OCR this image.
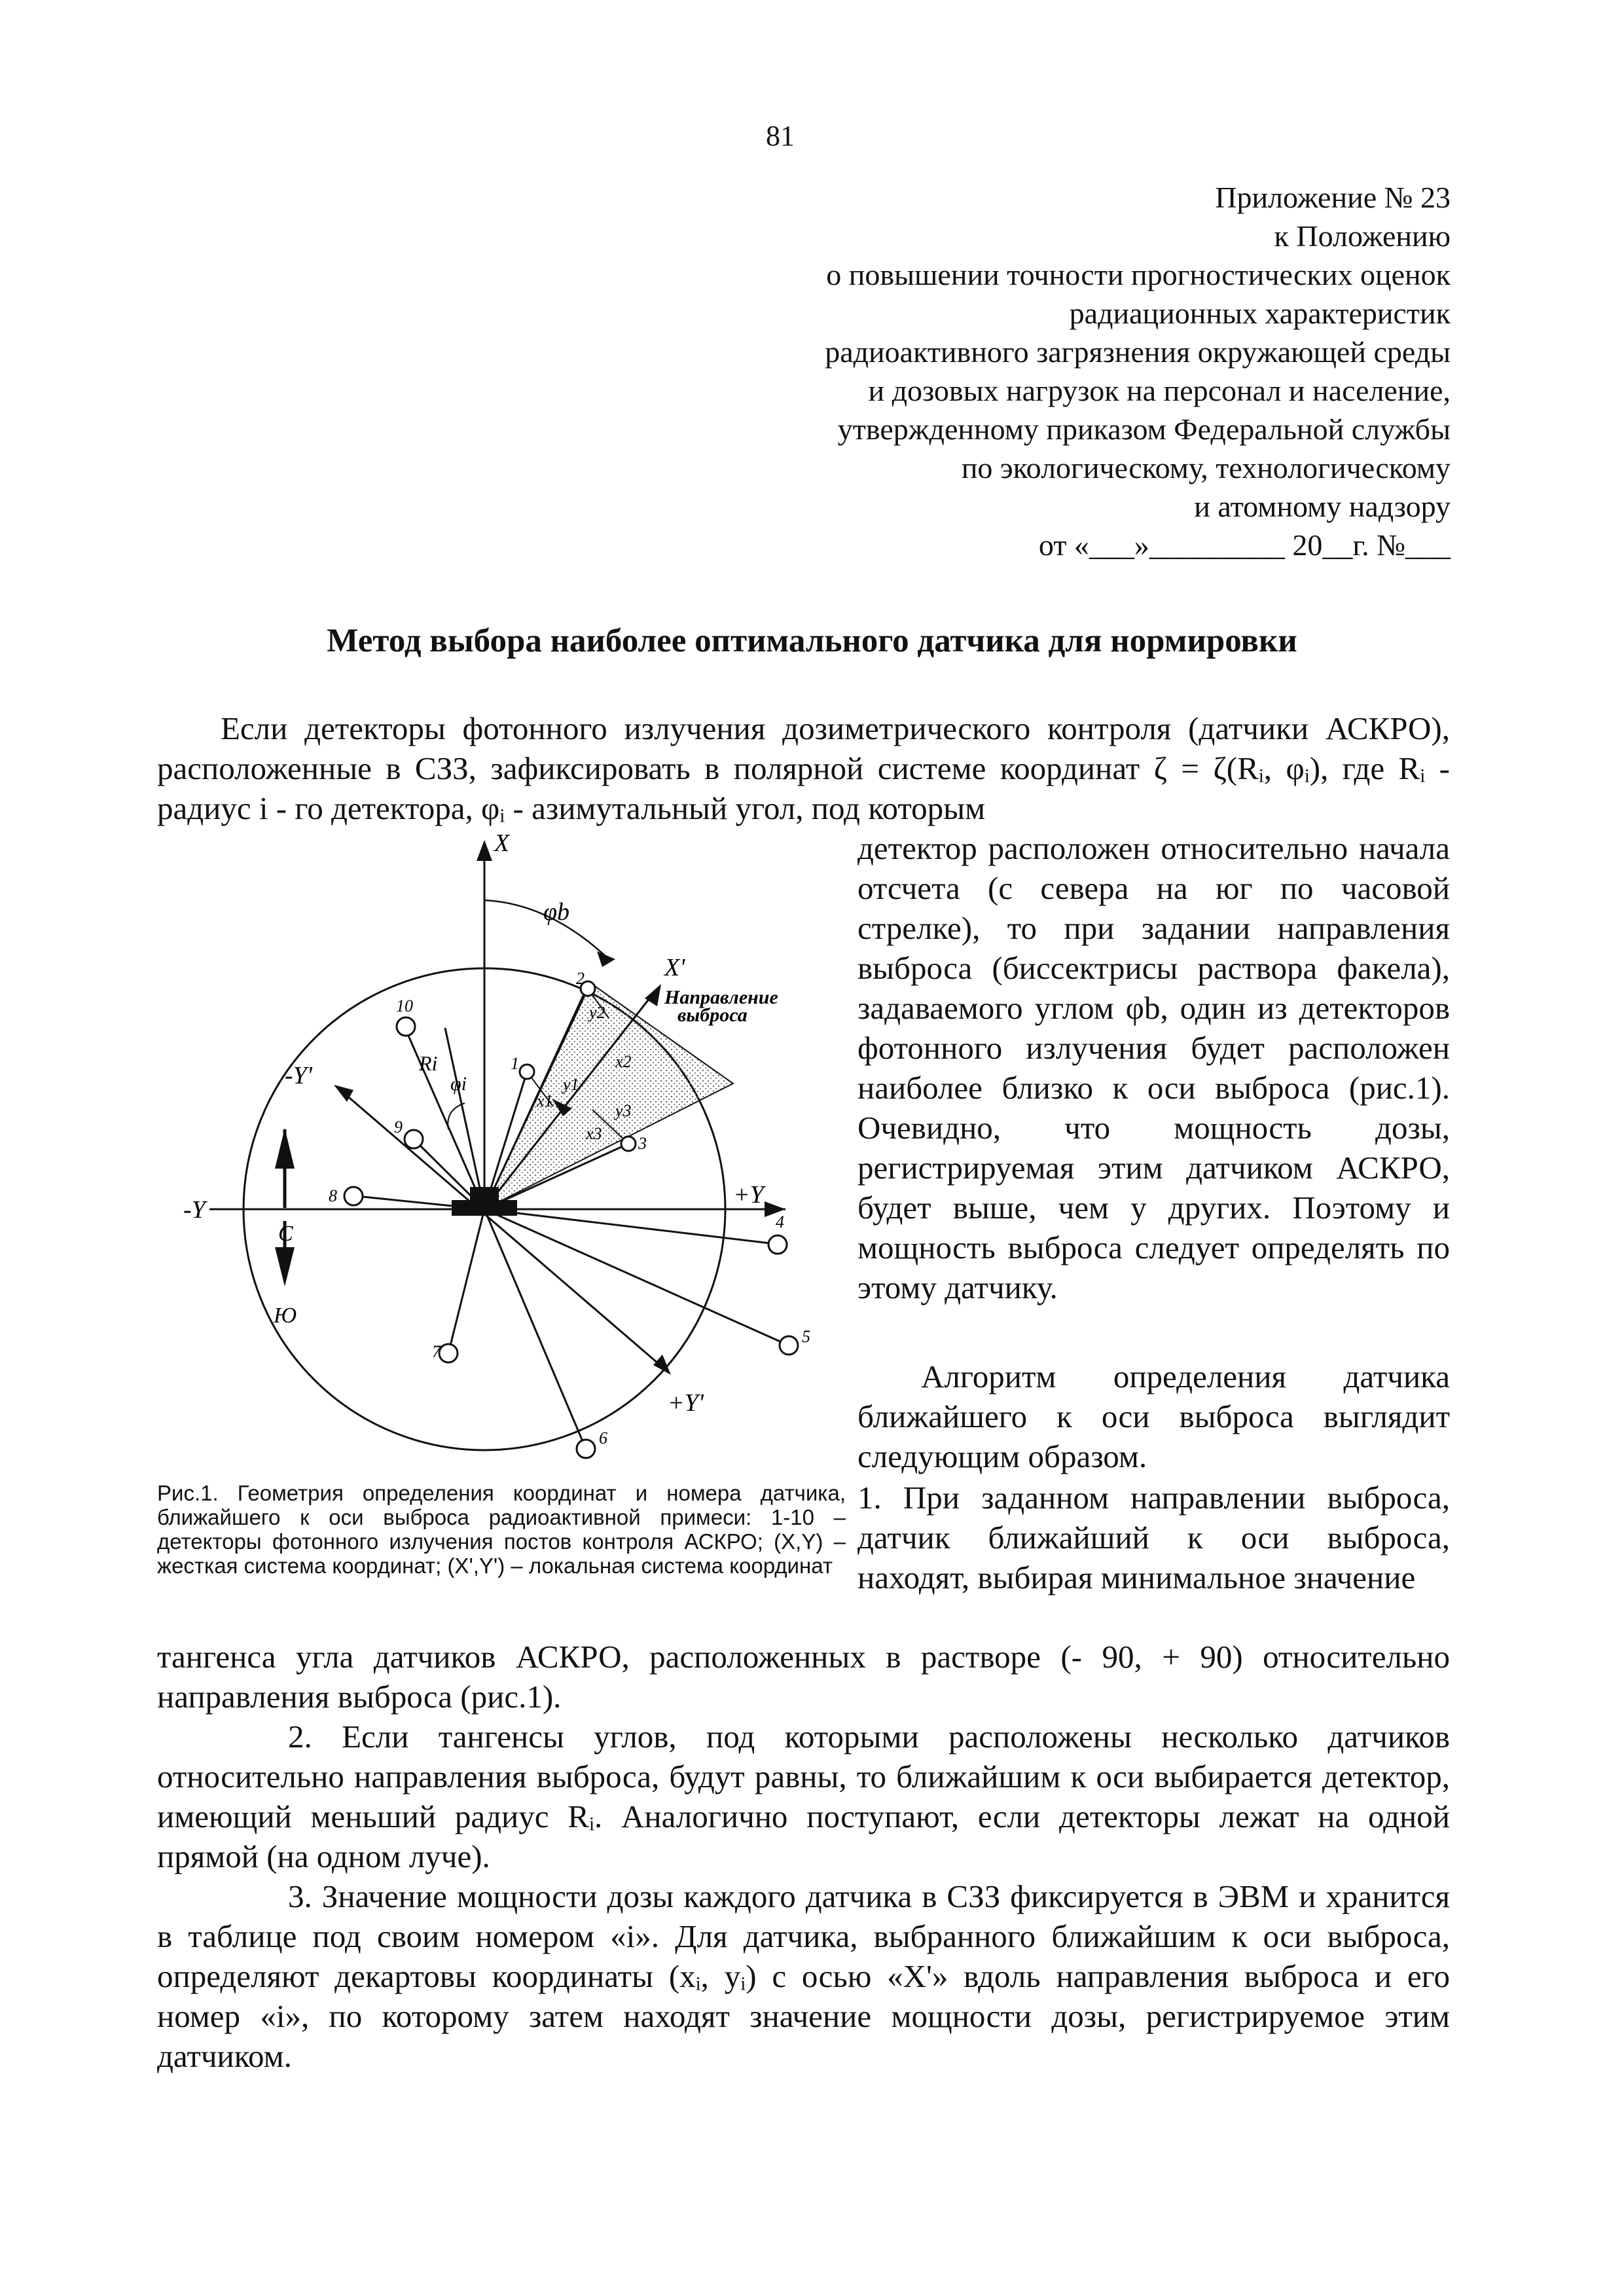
81
Приложение № 23
к Положению
о повышении точности прогностических оценок
радиационных характеристик
радиоактивного загрязнения окружающей среды
и дозовых нагрузок на персонал и население,
утвержденному приказом Федеральной службы
по экологическому, технологическому
и атомному надзору
от «___»_________ 20__г. №___
Метод выбора наиболее оптимального датчика для нормировки
Если детекторы фотонного излучения дозиметрического контроля (датчики АСКРО), расположенные в СЗЗ, зафиксировать в полярной системе координат ζ = ζ(Rᵢ, φᵢ), где Rᵢ - радиус i - го детектора, φᵢ - азимутальный угол, под которым
X
X'
+Y
-Y
-Y'
+Y'
φb
φi
Ri
С
Ю
Направление
выброса
1
2
3
4
5
6
7
8
9
10
x1
y1
x2
y2
x3
y3
детектор расположен относительно начала отсчета (с севера на юг по часовой стрелке), то при задании направления выброса (биссектрисы раствора факела), задаваемого углом φb, один из детекторов фотонного излучения будет расположен наиболее близко к оси выброса (рис.1). Очевидно, что мощность дозы, регистрируемая этим датчиком АСКРО, будет выше, чем у других. Поэтому и мощность выброса следует определять по этому датчику.
Алгоритм определения датчика ближайшего к оси выброса выглядит следующим образом.
1. При заданном направлении выброса, датчик ближайший к оси выброса, находят, выбирая минимальное значение
Рис.1. Геометрия определения координат и номера датчика, ближайшего к оси выброса радиоактивной примеси: 1-10 – детекторы фотонного излучения постов контроля АСКРО; (X,Y) – жесткая система координат; (X',Y') – локальная система координат
тангенса угла датчиков АСКРО, расположенных в растворе (- 90, + 90) относительно направления выброса (рис.1).
2. Если тангенсы углов, под которыми расположены несколько датчиков относительно направления выброса, будут равны, то ближайшим к оси выбирается детектор, имеющий меньший радиус Rᵢ. Аналогично поступают, если детекторы лежат на одной прямой (на одном луче).
3. Значение мощности дозы каждого датчика в СЗЗ фиксируется в ЭВМ и хранится в таблице под своим номером «i». Для датчика, выбранного ближайшим к оси выброса, определяют декартовы координаты (xᵢ, yᵢ) с осью «X'» вдоль направления выброса и его номер «i», по которому затем находят значение мощности дозы, регистрируемое этим датчиком.
